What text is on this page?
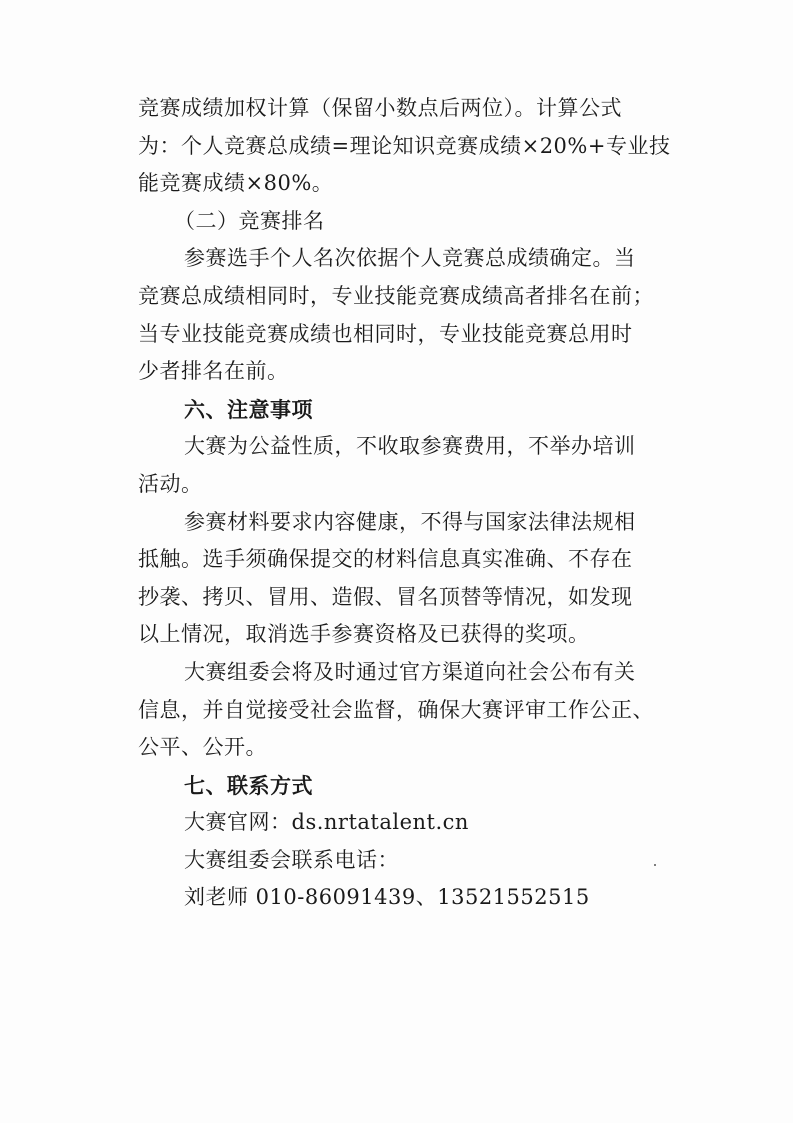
竞赛成绩加权计算（保留小数点后两位）。计算公式
为：个人竞赛总成绩=理论知识竞赛成绩×20%+专业技
能竞赛成绩×80%。
（二）竞赛排名
参赛选手个人名次依据个人竞赛总成绩确定。当
竞赛总成绩相同时，专业技能竞赛成绩高者排名在前；
当专业技能竞赛成绩也相同时，专业技能竞赛总用时
少者排名在前。
六、注意事项
大赛为公益性质，不收取参赛费用，不举办培训
活动。
参赛材料要求内容健康，不得与国家法律法规相
抵触。选手须确保提交的材料信息真实准确、不存在
抄袭、拷贝、冒用、造假、冒名顶替等情况，如发现
以上情况，取消选手参赛资格及已获得的奖项。
大赛组委会将及时通过官方渠道向社会公布有关
信息，并自觉接受社会监督，确保大赛评审工作公正、
公平、公开。
七、联系方式
大赛官网：ds.nrtatalent.cn
大赛组委会联系电话：
刘老师 010-86091439、13521552515
